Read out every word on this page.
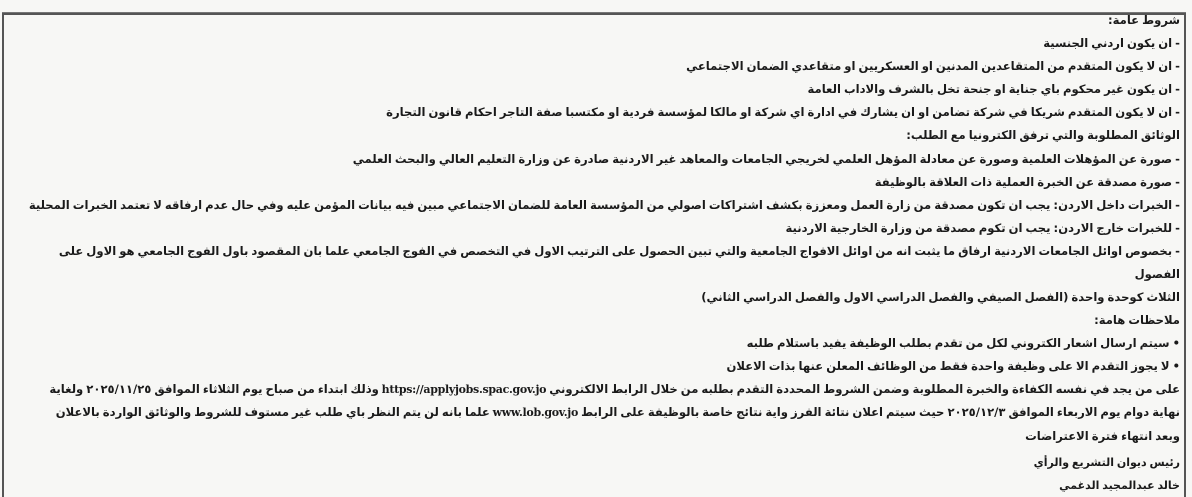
شروط عامة:
- ان يكون اردني الجنسية
- ان لا يكون المتقدم من المتقاعدين المدنين او العسكريين او متقاعدي الضمان الاجتماعي
- ان يكون غير محكوم باي جناية او جنحة تخل بالشرف والاداب العامة
- ان لا يكون المتقدم شريكا في شركة تضامن او ان يشارك في ادارة اي شركة او مالكا لمؤسسة فردية او مكتسبا صفة التاجر احكام قانون التجارة
الوثائق المطلوبة والتي ترفق الكترونيا مع الطلب:
- صورة عن المؤهلات العلمية وصورة عن معادلة المؤهل العلمي لخريجي الجامعات والمعاهد غير الاردنية صادرة عن وزارة التعليم العالي والبحث العلمي
- صورة مصدقة عن الخبرة العملية ذات العلاقة بالوظيفة
- الخبرات داخل الاردن: يجب ان تكون مصدقة من زارة العمل ومعززة بكشف اشتراكات اصولي من المؤسسة العامة للضمان الاجتماعي مبين فيه بيانات المؤمن عليه وفي حال عدم ارفاقه لا تعتمد الخبرات المحلية
- للخبرات خارج الاردن: يجب ان تكوم مصدقة من وزارة الخارجية الاردنية
- بخصوص اوائل الجامعات الاردنية ارفاق ما يثبت انه من اوائل الافواج الجامعية والتي تبين الحصول على الترتيب الاول في التخصص في الفوج الجامعي علما بان المقصود باول الفوج الجامعي هو الاول على الفصول
الثلاث كوحدة واحدة (الفصل الصيفي والفصل الدراسي الاول والفصل الدراسي الثاني)
ملاحظات هامة:
• سيتم ارسال اشعار الكتروني لكل من تقدم بطلب الوظيفة يفيد باستلام طلبه
• لا يجوز التقدم الا على وظيفة واحدة فقط من الوظائف المعلن عنها بذات الاعلان
على من يجد في نفسه الكفاءة والخبرة المطلوبة وضمن الشروط المحددة التقدم بطلبه من خلال الرابط الالكتروني https://applyjobs.spac.gov.jo وذلك ابتداء من صباح يوم الثلاثاء الموافق ٢٠٢٥/١١/٢٥ ولغاية
نهاية دوام يوم الاربعاء الموافق ٢٠٢٥/١٢/٣ حيث سيتم اعلان نتائة الفرز واية نتائج خاصة بالوظيفة على الرابط www.lob.gov.jo علما بانه لن يتم النظر باي طلب غير مستوف للشروط والوثائق الواردة بالاعلان
وبعد انتهاء فترة الاعتراضات
رئيس ديوان التشريع والرأي
خالد عبدالمجيد الدغمي
